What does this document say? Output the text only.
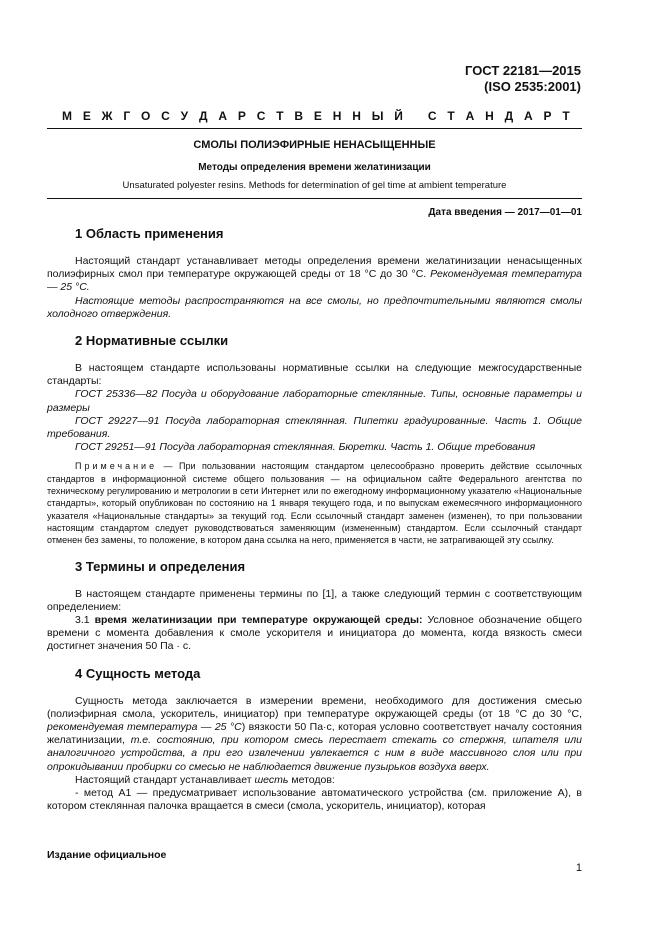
ГОСТ 22181—2015
(ISO 2535:2001)
М Е Ж Г О С У Д А Р С Т В Е Н Н Ы Й
С Т А Н Д А Р Т
СМОЛЫ ПОЛИЭФИРНЫЕ НЕНАСЫЩЕННЫЕ
Методы определения времени желатинизации
Unsaturated polyester resins. Methods for determination of gel time at ambient temperature
Дата введения — 2017—01—01
1 Область применения

Настоящий стандарт устанавливает методы определения времени желатинизации ненасыщенных полиэфирных смол при температуре окружающей среды от 18 °С до 30 °С. Рекомендуемая температура — 25 °С.

Настоящие методы распространяются на все смолы, но предпочтительными являются смолы холодного отверждения.

2 Нормативные ссылки

В настоящем стандарте использованы нормативные ссылки на следующие межгосударственные стандарты:

ГОСТ 25336—82 Посуда и оборудование лабораторные стеклянные. Типы, основные параметры и размеры

ГОСТ 29227—91 Посуда лабораторная стеклянная. Пипетки градуированные. Часть 1. Общие требования.

ГОСТ 29251—91 Посуда лабораторная стеклянная. Бюретки. Часть 1. Общие требования

Примечание — При пользовании настоящим стандартом целесообразно проверить действие ссылочных стандартов в информационной системе общего пользования — на официальном сайте Федерального агентства по техническому регулированию и метрологии в сети Интернет или по ежегодному информационному указателю «Национальные стандарты», который опубликован по состоянию на 1 января текущего года, и по выпускам ежемесячного информационного указателя «Национальные стандарты» за текущий год. Если ссылочный стандарт заменен (изменен), то при пользовании настоящим стандартом следует руководствоваться заменяющим (измененным) стандартом. Если ссылочный стандарт отменен без замены, то положение, в котором дана ссылка на него, применяется в части, не затрагивающей эту ссылку.

3 Термины и определения

В настоящем стандарте применены термины по [1], а также следующий термин с соответствующим определением:

3.1 время желатинизации при температуре окружающей среды: Условное обозначение общего времени с момента добавления к смоле ускорителя и инициатора до момента, когда вязкость смеси достигнет значения 50 Па · с.

4 Сущность метода

Сущность метода заключается в измерении времени, необходимого для достижения смесью (полиэфирная смола, ускоритель, инициатор) при температуре окружающей среды (от 18 °С до 30 °С, рекомендуемая температура — 25 °С) вязкости 50 Па·с, которая условно соответствует началу состояния желатинизации, т.е. состоянию, при котором смесь перестает стекать со стержня, шпателя или аналогичного устройства, а при его извлечении увлекается с ним в виде массивного слоя или при опрокидывании пробирки со смесью не наблюдается движение пузырьков воздуха вверх.

Настоящий стандарт устанавливает шесть методов:

- метод А1 — предусматривает использование автоматического устройства (см. приложение А), в котором стеклянная палочка вращается в смеси (смола, ускоритель, инициатор), которая

Издание официальное
1
